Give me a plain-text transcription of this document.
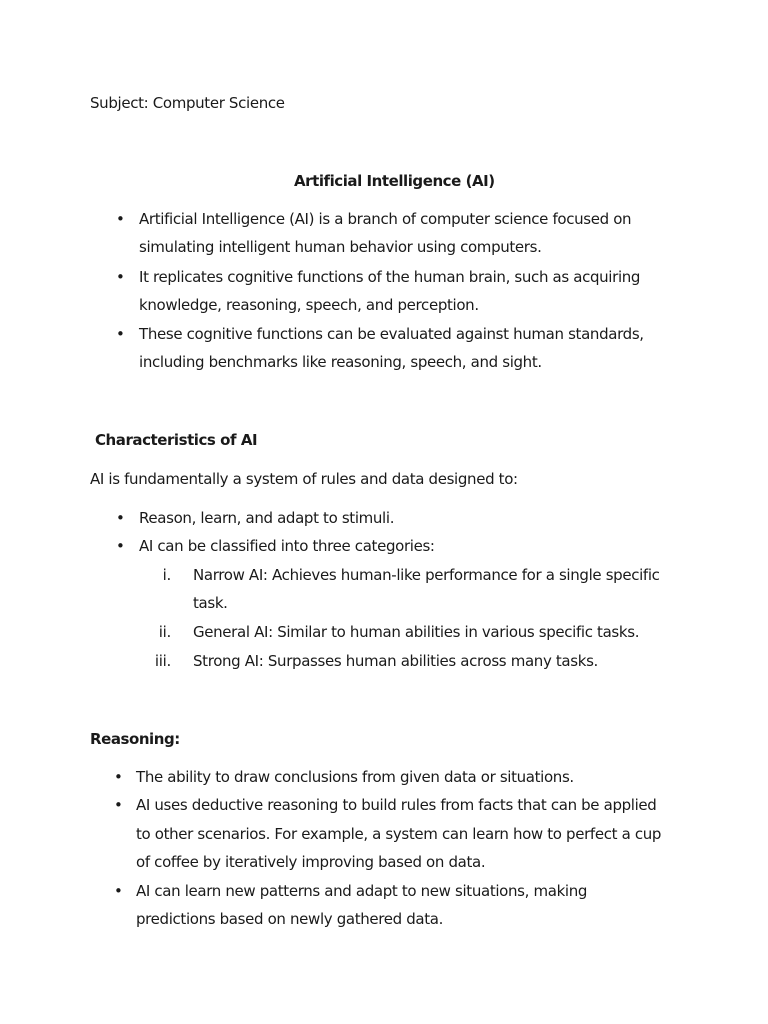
Subject: Computer Science
Artificial Intelligence (AI)
• Artificial Intelligence (AI) is a branch of computer science focused on
simulating intelligent human behavior using computers.
• It replicates cognitive functions of the human brain, such as acquiring
knowledge, reasoning, speech, and perception.
• These cognitive functions can be evaluated against human standards,
including benchmarks like reasoning, speech, and sight.
Characteristics of AI
AI is fundamentally a system of rules and data designed to:
• Reason, learn, and adapt to stimuli.
• AI can be classified into three categories:
i. Narrow AI: Achieves human-like performance for a single specific
task.
ii. General AI: Similar to human abilities in various specific tasks.
iii. Strong AI: Surpasses human abilities across many tasks.
Reasoning:
• The ability to draw conclusions from given data or situations.
• AI uses deductive reasoning to build rules from facts that can be applied
to other scenarios. For example, a system can learn how to perfect a cup
of coffee by iteratively improving based on data.
• AI can learn new patterns and adapt to new situations, making
predictions based on newly gathered data.
